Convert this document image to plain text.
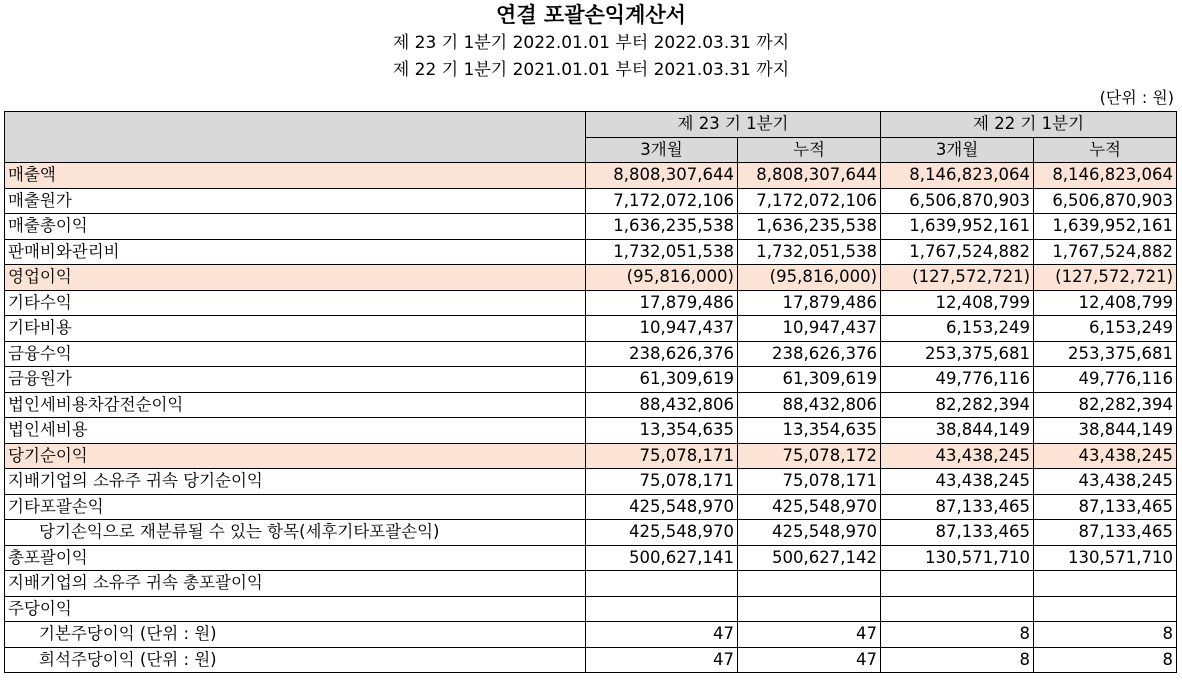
연결 포괄손익계산서
제 23 기 1분기 2022.01.01 부터 2022.03.31 까지
제 22 기 1분기 2021.01.01 부터 2021.03.31 까지
(단위 : 원)
	제 23 기 1분기		제 22 기 1분기	
	3개월	누적	3개월	누적
매출액	8,808,307,644	8,808,307,644	8,146,823,064	8,146,823,064
매출원가	7,172,072,106	7,172,072,106	6,506,870,903	6,506,870,903
매출총이익	1,636,235,538	1,636,235,538	1,639,952,161	1,639,952,161
판매비와관리비	1,732,051,538	1,732,051,538	1,767,524,882	1,767,524,882
영업이익	(95,816,000)	(95,816,000)	(127,572,721)	(127,572,721)
기타수익	17,879,486	17,879,486	12,408,799	12,408,799
기타비용	10,947,437	10,947,437	6,153,249	6,153,249
금융수익	238,626,376	238,626,376	253,375,681	253,375,681
금융원가	61,309,619	61,309,619	49,776,116	49,776,116
법인세비용차감전순이익	88,432,806	88,432,806	82,282,394	82,282,394
법인세비용	13,354,635	13,354,635	38,844,149	38,844,149
당기순이익	75,078,171	75,078,172	43,438,245	43,438,245
지배기업의 소유주 귀속 당기순이익	75,078,171	75,078,171	43,438,245	43,438,245
기타포괄손익	425,548,970	425,548,970	87,133,465	87,133,465
당기손익으로 재분류될 수 있는 항목(세후기타포괄손익)	425,548,970	425,548,970	87,133,465	87,133,465
총포괄이익	500,627,141	500,627,142	130,571,710	130,571,710
지배기업의 소유주 귀속 총포괄이익				
주당이익				
기본주당이익 (단위 : 원)	47	47	8	8
희석주당이익 (단위 : 원)	47	47	8	8
